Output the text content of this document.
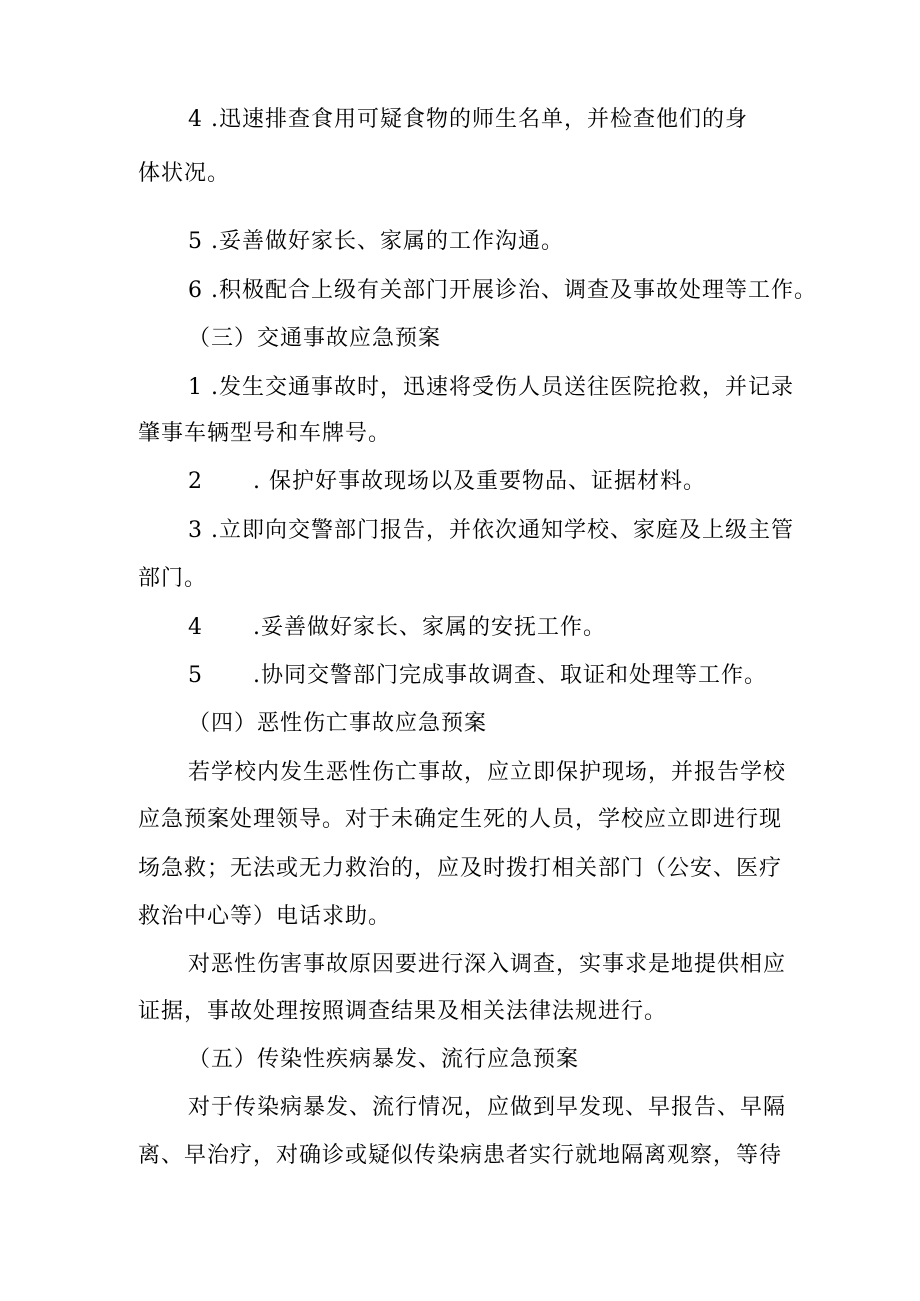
4 .迅速排查食用可疑食物的师生名单，并检查他们的身
体状况。
5 .妥善做好家长、家属的工作沟通。
6 .积极配合上级有关部门开展诊治、调查及事故处理等工作。
（三）交通事故应急预案
1 .发生交通事故时，迅速将受伤人员送往医院抢救，并记录
肇事车辆型号和车牌号。
2 . 保护好事故现场以及重要物品、证据材料。
3 .立即向交警部门报告，并依次通知学校、家庭及上级主管
部门。
4 .妥善做好家长、家属的安抚工作。
5 .协同交警部门完成事故调查、取证和处理等工作。
（四）恶性伤亡事故应急预案
若学校内发生恶性伤亡事故，应立即保护现场，并报告学校
应急预案处理领导。对于未确定生死的人员，学校应立即进行现
场急救；无法或无力救治的，应及时拨打相关部门（公安、医疗
救治中心等）电话求助。
对恶性伤害事故原因要进行深入调查，实事求是地提供相应
证据，事故处理按照调查结果及相关法律法规进行。
（五）传染性疾病暴发、流行应急预案
对于传染病暴发、流行情况，应做到早发现、早报告、早隔
离、早治疗，对确诊或疑似传染病患者实行就地隔离观察，等待
